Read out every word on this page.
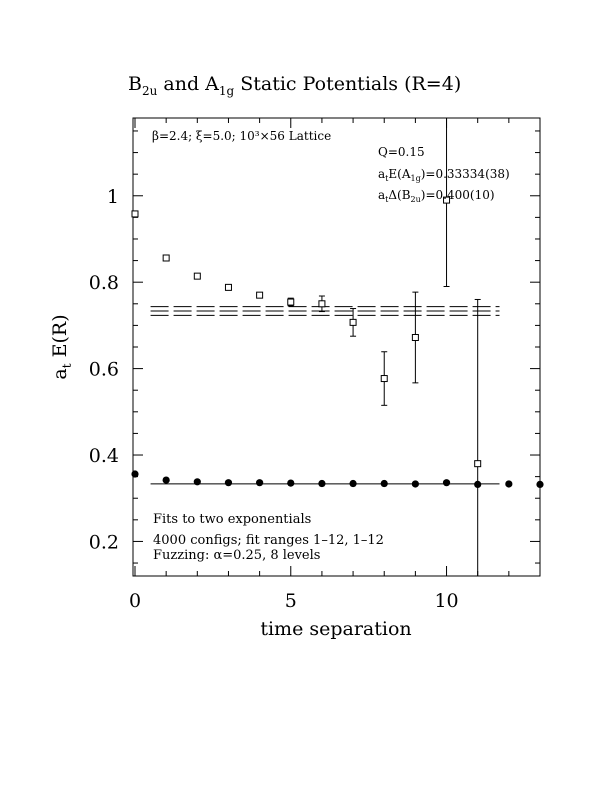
$B_{2u}$ and $A_{1g}$ Static Potentials (R=4)
0	5	10
0.2
0.4
0.6
0.8
1
time separation
$a_t$ E(R)
β=2.4; ξ=5.0; 10³×56 Lattice
Q=0.15
$a_tE(A_{1g})=0.33334(38)$
$a_t\Delta(B_{2u})=0.400(10)$
Fits to two exponentials
4000 configs; fit ranges 1–12, 1–12
Fuzzing: α=0.25, 8 levels
